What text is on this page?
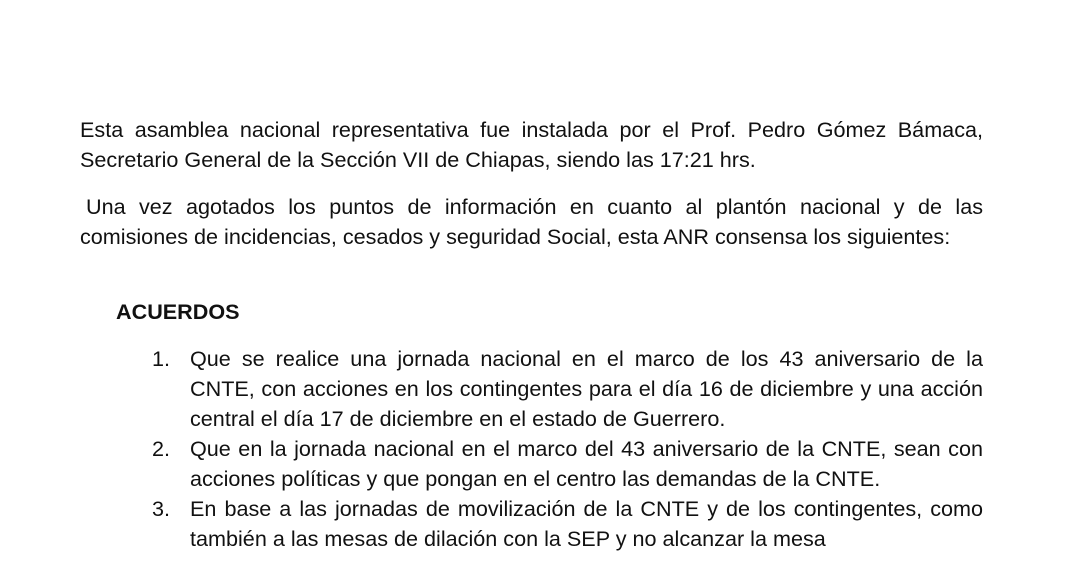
Esta asamblea nacional representativa fue instalada por el Prof. Pedro Gómez Bámaca, Secretario General de la Sección VII de Chiapas, siendo las 17:21 hrs.

Una vez agotados los puntos de información en cuanto al plantón nacional y de las comisiones de incidencias, cesados y seguridad Social, esta ANR consensa los siguientes:

ACUERDOS
1. Que se realice una jornada nacional en el marco de los 43 aniversario de la CNTE, con acciones en los contingentes para el día 16 de diciembre y una acción central el día 17 de diciembre en el estado de Guerrero.
2. Que en la jornada nacional en el marco del 43 aniversario de la CNTE, sean con acciones políticas y que pongan en el centro las demandas de la CNTE.
3. En base a las jornadas de movilización de la CNTE y de los contingentes, como también a las mesas de dilación con la SEP y no alcanzar la mesa
